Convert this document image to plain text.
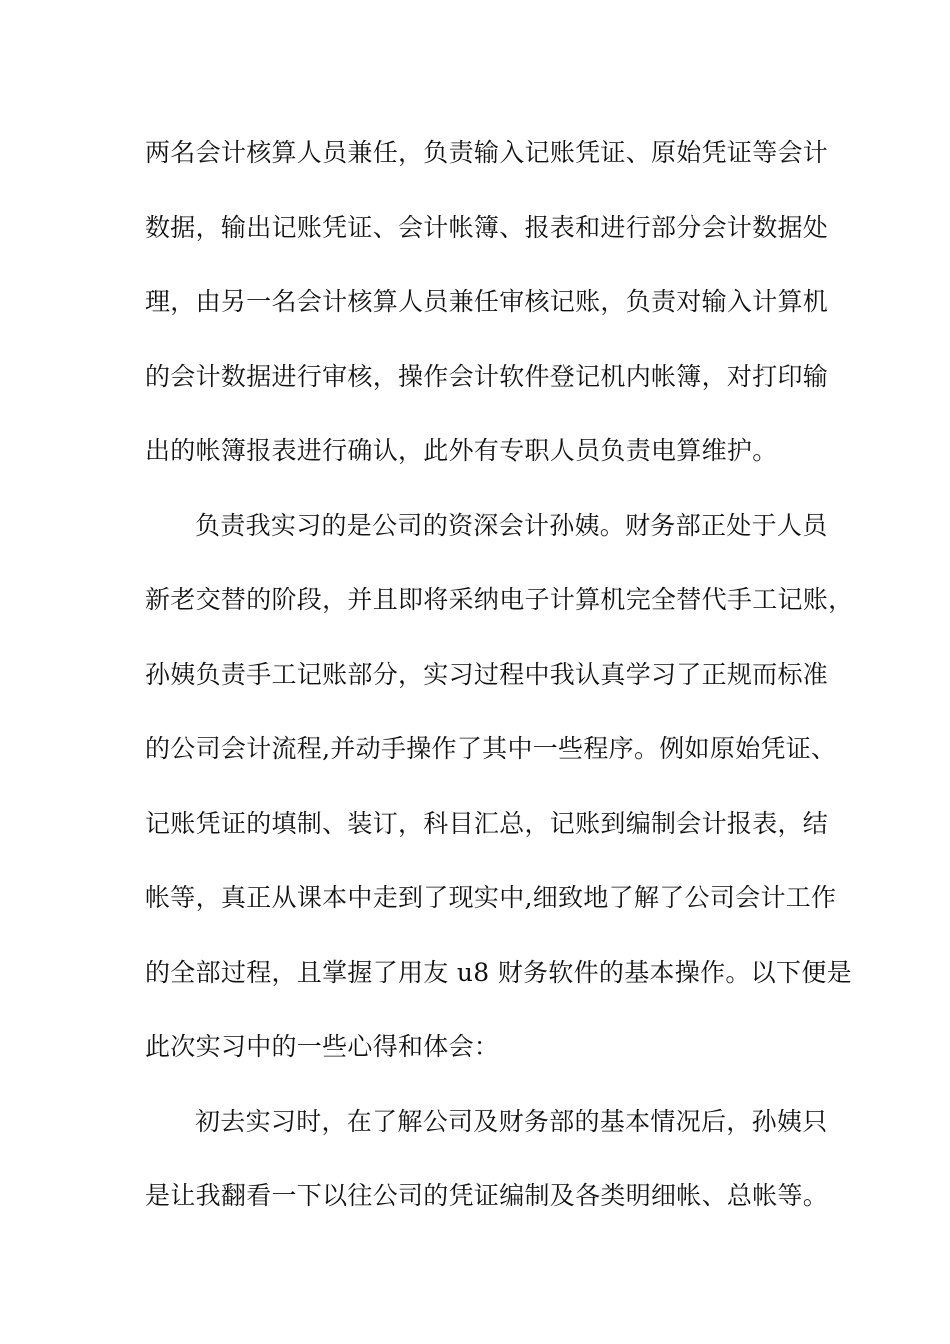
两名会计核算人员兼任，负责输入记账凭证、原始凭证等会计
数据，输出记账凭证、会计帐簿、报表和进行部分会计数据处
理，由另一名会计核算人员兼任审核记账，负责对输入计算机
的会计数据进行审核，操作会计软件登记机内帐簿，对打印输
出的帐簿报表进行确认，此外有专职人员负责电算维护。
负责我实习的是公司的资深会计孙姨。财务部正处于人员
新老交替的阶段，并且即将采纳电子计算机完全替代手工记账，
孙姨负责手工记账部分，实习过程中我认真学习了正规而标准
的公司会计流程,并动手操作了其中一些程序。例如原始凭证、
记账凭证的填制、装订，科目汇总，记账到编制会计报表，结
帐等，真正从课本中走到了现实中,细致地了解了公司会计工作
的全部过程，且掌握了用友 u8 财务软件的基本操作。以下便是
此次实习中的一些心得和体会：
初去实习时，在了解公司及财务部的基本情况后，孙姨只
是让我翻看一下以往公司的凭证编制及各类明细帐、总帐等。
